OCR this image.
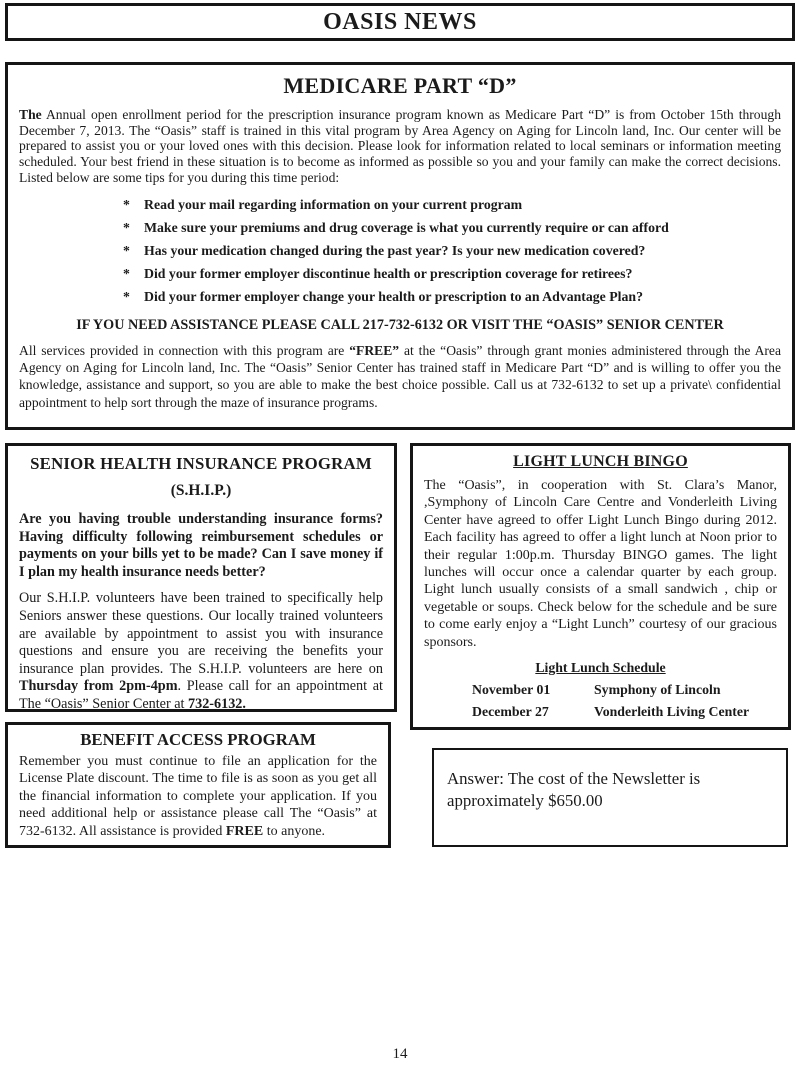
OASIS NEWS
MEDICARE PART “D”

The Annual open enrollment period for the prescription insurance program known as Medicare Part “D” is from October 15th through December 7, 2013. The “Oasis” staff is trained in this vital program by Area Agency on Aging for Lincoln land, Inc. Our center will be prepared to assist you or your loved ones with this decision. Please look for information related to local seminars or information meeting scheduled. Your best friend in these situation is to become as informed as possible so you and your family can make the correct decisions. Listed below are some tips for you during this time period:

* Read your mail regarding information on your current program
* Make sure your premiums and drug coverage is what you currently require or can afford
* Has your medication changed during the past year? Is your new medication covered?
* Did your former employer discontinue health or prescription coverage for retirees?
* Did your former employer change your health or prescription to an Advantage Plan?
IF YOU NEED ASSISTANCE PLEASE CALL 217-732-6132 OR VISIT THE “OASIS” SENIOR CENTER

All services provided in connection with this program are “FREE” at the “Oasis” through grant monies administered through the Area Agency on Aging for Lincoln land, Inc. The “Oasis” Senior Center has trained staff in Medicare Part “D” and is willing to offer you the knowledge, assistance and support, so you are able to make the best choice possible. Call us at 732-6132 to set up a private\ confidential appointment to help sort through the maze of insurance programs.

SENIOR HEALTH INSURANCE PROGRAM
(S.H.I.P.)

Are you having trouble understanding insurance forms? Having difficulty following reimbursement schedules or payments on your bills yet to be made? Can I save money if I plan my health insurance needs better?

Our S.H.I.P. volunteers have been trained to specifically help Seniors answer these questions. Our locally trained volunteers are available by appointment to assist you with insurance questions and ensure you are receiving the benefits your insurance plan provides. The S.H.I.P. volunteers are here on Thursday from 2pm-4pm. Please call for an appointment at The “Oasis” Senior Center at 732-6132.

LIGHT LUNCH BINGO

The “Oasis”, in cooperation with St. Clara’s Manor, ,Symphony of Lincoln Care Centre and Vonderleith Living Center have agreed to offer Light Lunch Bingo during 2012. Each facility has agreed to offer a light lunch at Noon prior to their regular 1:00p.m. Thursday BINGO games. The light lunches will occur once a calendar quarter by each group. Light lunch usually consists of a small sandwich , chip or vegetable or soups. Check below for the schedule and be sure to come early enjoy a “Light Lunch” courtesy of our gracious sponsors.

Light Lunch Schedule
November 01	Symphony of Lincoln
December 27	Vonderleith Living Center
BENEFIT ACCESS PROGRAM

Remember you must continue to file an application for the License Plate discount. The time to file is as soon as you get all the financial information to complete your application. If you need additional help or assistance please call The “Oasis” at 732-6132. All assistance is provided FREE to anyone.

Answer: The cost of the Newsletter is
approximately $650.00
14
